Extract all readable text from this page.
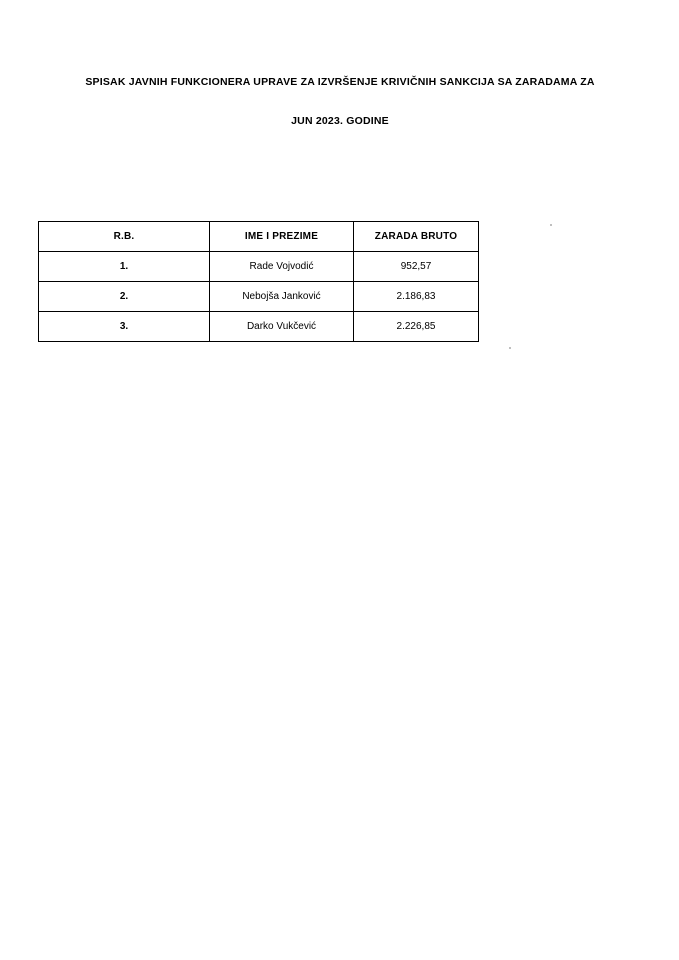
SPISAK JAVNIH FUNKCIONERA UPRAVE ZA IZVRŠENJE KRIVIČNIH SANKCIJA SA ZARADAMA ZA
JUN 2023. GODINE
R.B.	IME I PREZIME	ZARADA BRUTO
1.	Rade Vojvodić	952,57
2.	Nebojša Janković	2.186,83
3.	Darko Vukčević	2.226,85
